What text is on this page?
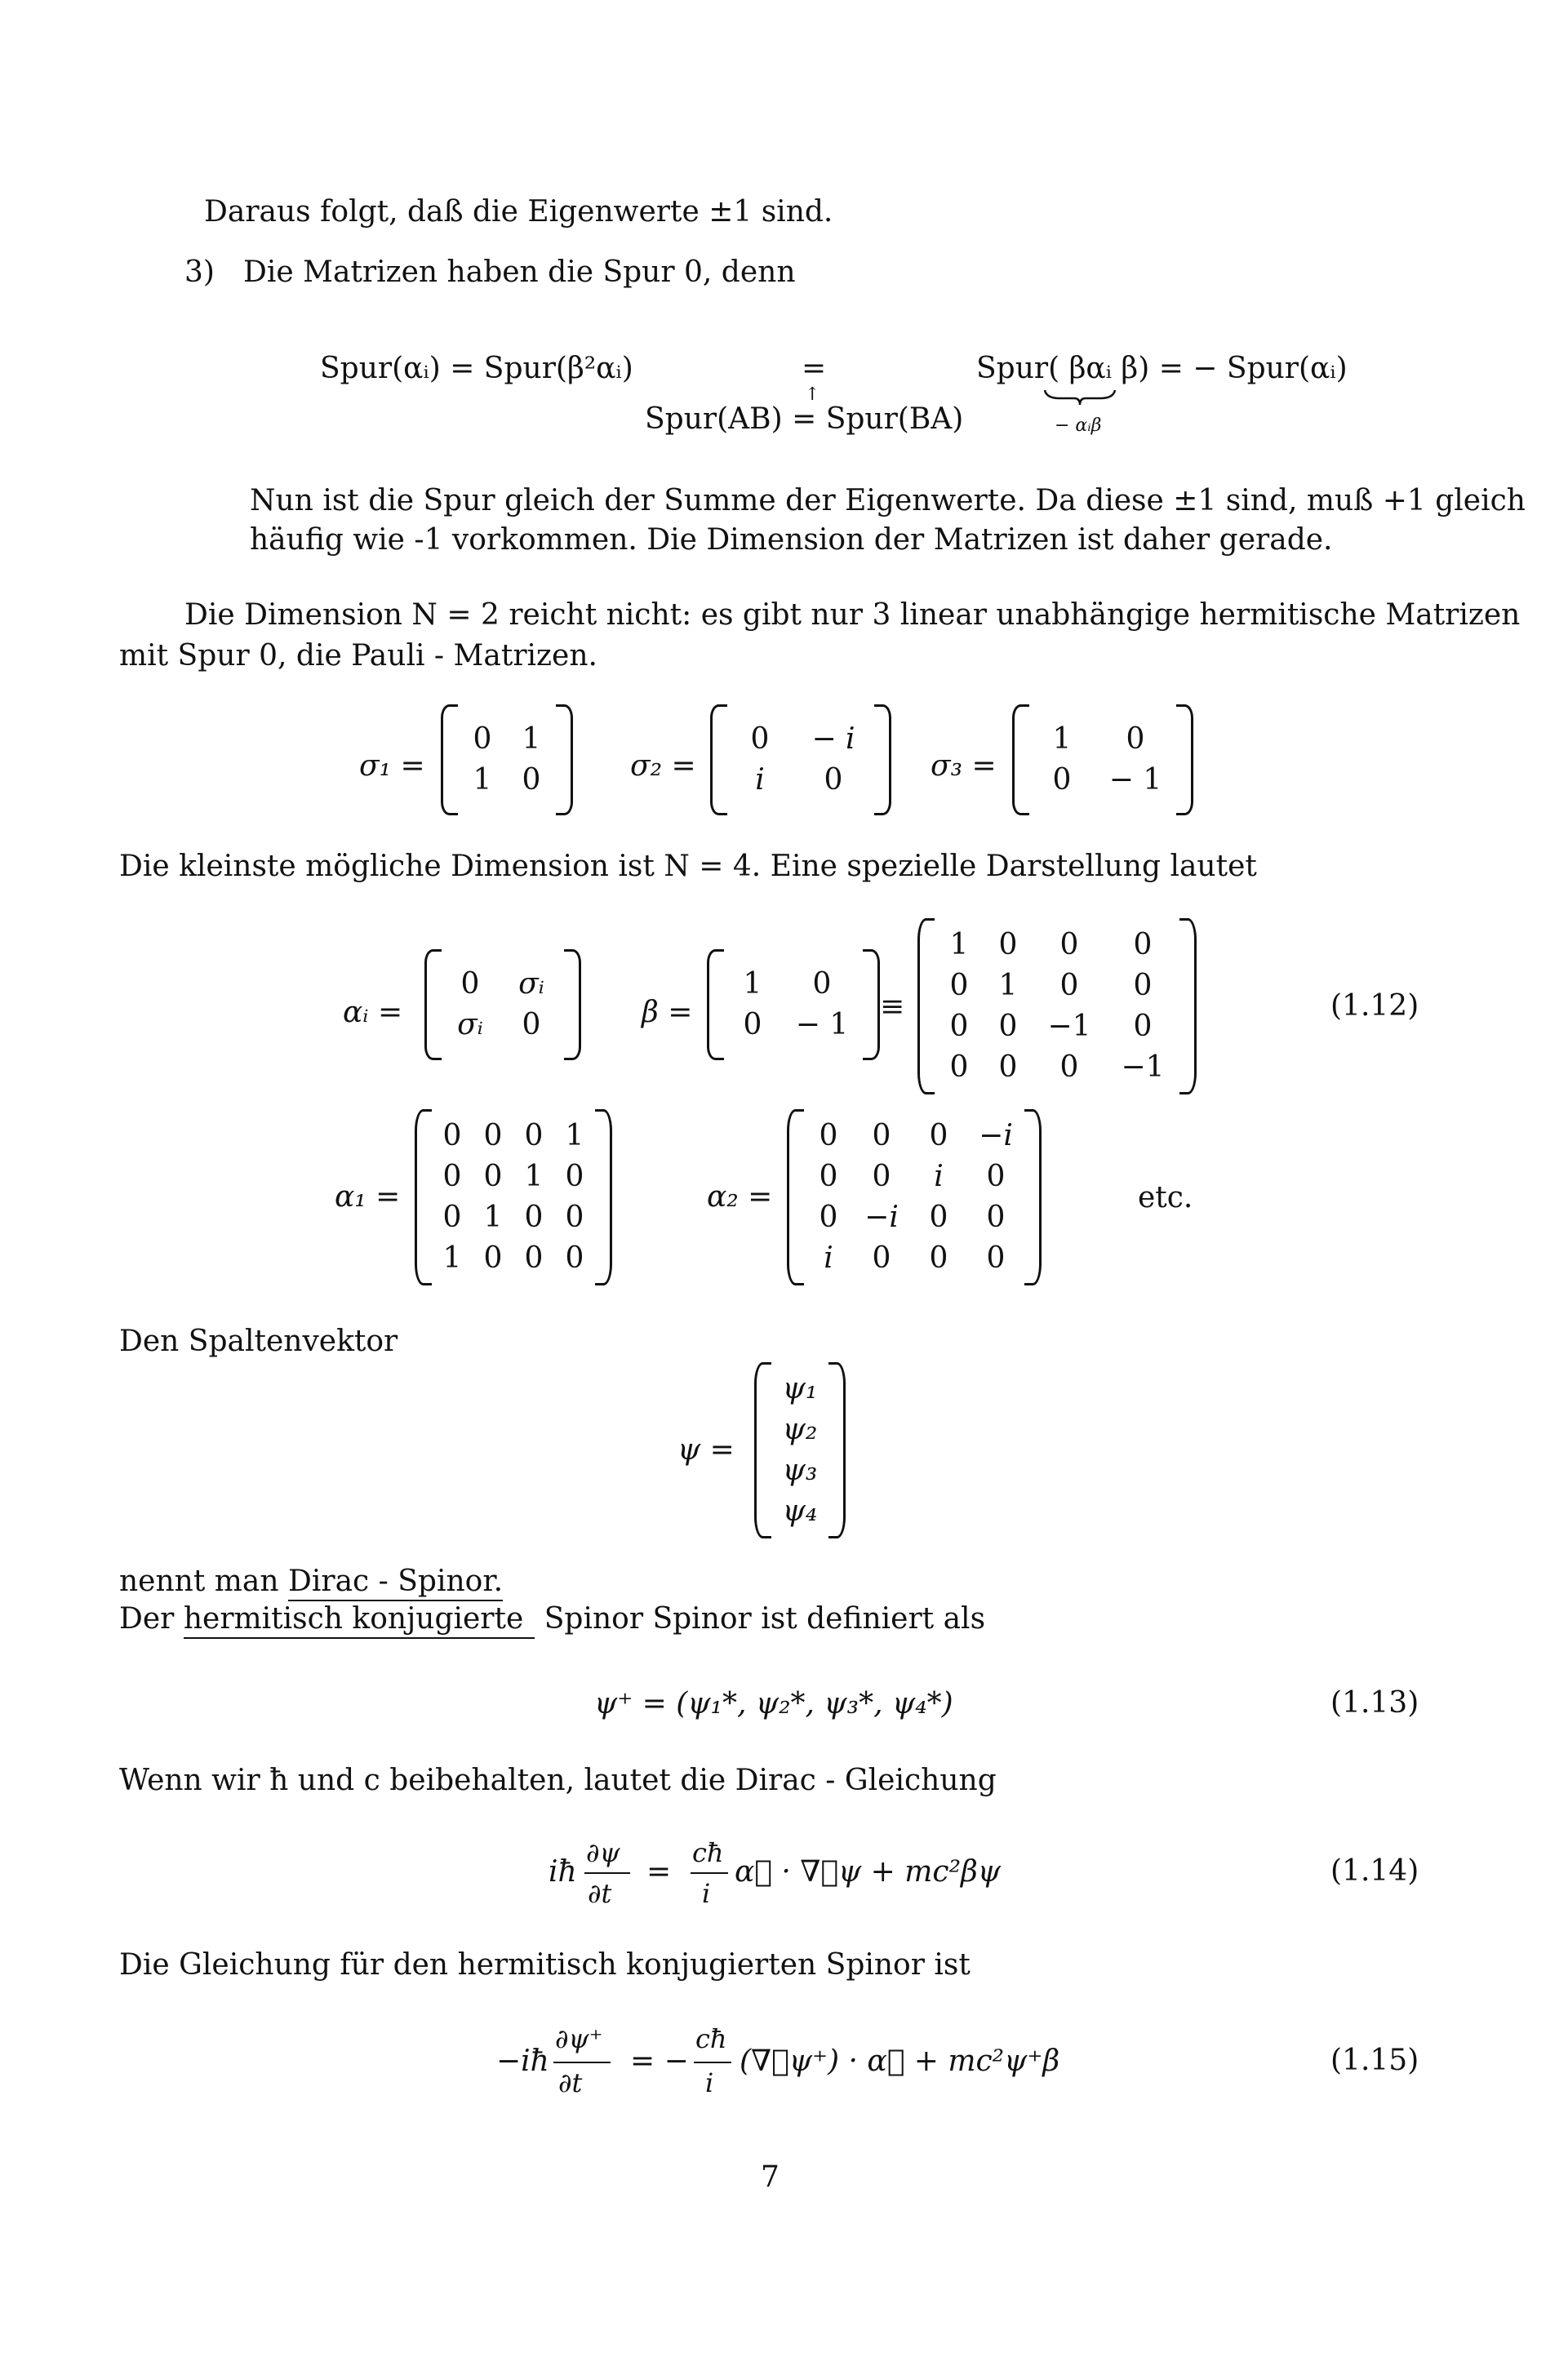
Daraus folgt, daß die Eigenwerte ±1 sind.
3) Die Matrizen haben die Spur 0, denn
Spur(αᵢ) = Spur(β²αᵢ)	=
↑
Spur( βαᵢ β) = − Spur(αᵢ)
Spur(AB) = Spur(BA)	− αᵢβ
Nun ist die Spur gleich der Summe der Eigenwerte. Da diese ±1 sind, muß +1 gleich
häufig wie -1 vorkommen. Die Dimension der Matrizen ist daher gerade.
Die Dimension N = 2 reicht nicht: es gibt nur 3 linear unabhängige hermitische Matrizen
mit Spur 0, die Pauli - Matrizen.
σ₁ =
0	1
1	0	σ₂ =
0	− i
i	0	σ₃ =
1	0
0	− 1
Die kleinste mögliche Dimension ist N = 4. Eine spezielle Darstellung lautet
αᵢ =
0	σᵢ
σᵢ	0	β =
1	0
0	− 1
≡
1	0	0	0
0	1	0	0
0	0	−1	0
0	0	0	−1
(1.12)
α₁ =
0 0 0 1
0 0 1 0
0 1 0 0
1 0 0 0
α₂ =
0	0	0	−i
0	0	i	0
0 −i	0	0
i	0	0	0
etc.
Den Spaltenvektor
ψ =
ψ₁
ψ₂
ψ₃
ψ₄
nennt man Dirac - Spinor.
Der hermitisch konjugierte Spinor Spinor ist definiert als
ψ⁺ = (ψ₁*, ψ₂*, ψ₃*, ψ₄*)	(1.13)
Wenn wir ħ und c beibehalten, lautet die Dirac - Gleichung
iħ
∂ψ
∂t
=
cħ
i
α⃗ · ∇⃗ψ + mc²βψ	(1.14)
Die Gleichung für den hermitisch konjugierten Spinor ist
−iħ
∂ψ⁺
∂t
= −
cħ
i
(∇⃗ψ⁺) · α⃗ + mc²ψ⁺β	(1.15)
7
